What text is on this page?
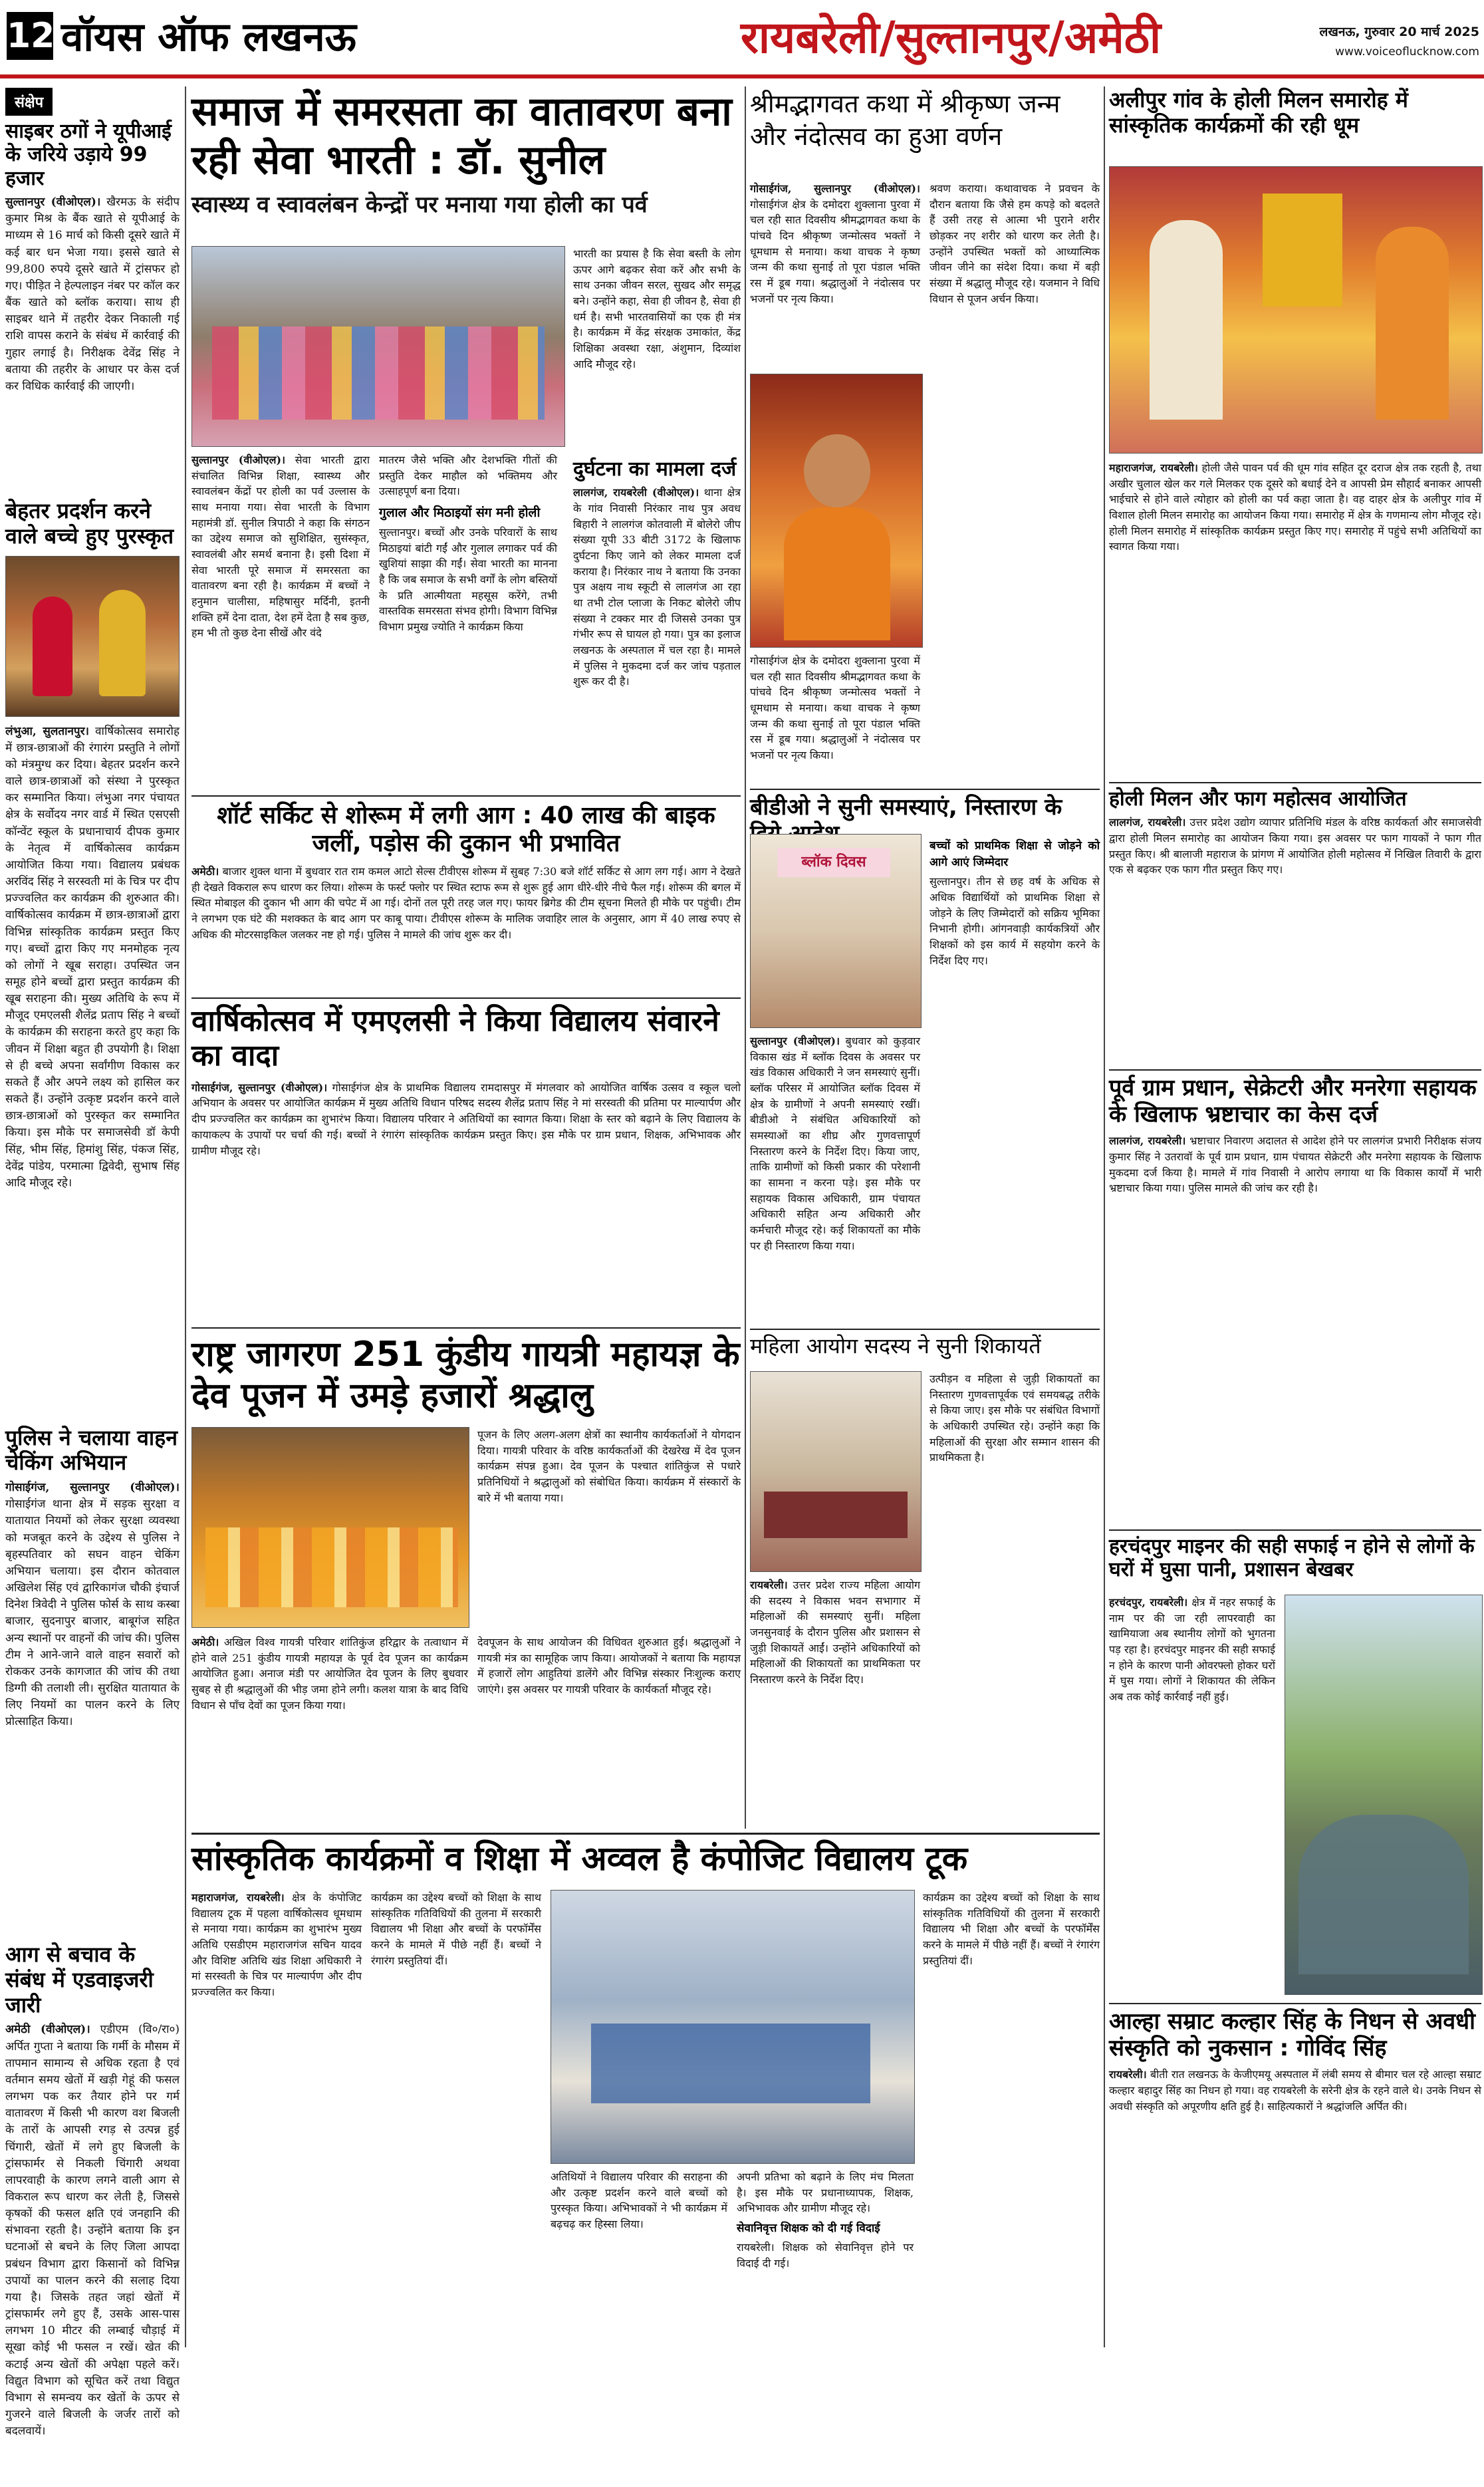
12 वॉयस ऑफ लखनऊ	रायबरेली/सुल्तानपुर/अमेठी	लखनऊ, गुरुवार 20 मार्च 2025
www.voiceoflucknow.com
संक्षेप
साइबर ठगों ने यूपीआई के जरिये उड़ाये 99 हजार
सुल्तानपुर (वीओएल)। खैरमऊ के संदीप कुमार मिश्र के बैंक खाते से यूपीआई के माध्यम से 16 मार्च को किसी दूसरे खाते में कई बार धन भेजा गया। इससे खाते से 99,800 रुपये दूसरे खाते में ट्रांसफर हो गए। पीड़ित ने हेल्पलाइन नंबर पर कॉल कर बैंक खाते को ब्लॉक कराया। साथ ही साइबर थाने में तहरीर देकर निकाली गई राशि वापस कराने के संबंध में कार्रवाई की गुहार लगाई है। निरीक्षक देवेंद्र सिंह ने बताया की तहरीर के आधार पर केस दर्ज कर विधिक कार्रवाई की जाएगी।
बेहतर प्रदर्शन करने वाले बच्चे हुए पुरस्कृत
लंभुआ, सुलतानपुर। वार्षिकोत्सव समारोह में छात्र-छात्राओं की रंगारंग प्रस्तुति ने लोगों को मंत्रमुग्ध कर दिया। बेहतर प्रदर्शन करने वाले छात्र-छात्राओं को संस्था ने पुरस्कृत कर सम्मानित किया। लंभुआ नगर पंचायत क्षेत्र के सर्वोदय नगर वार्ड में स्थित एसएसी कॉन्वेंट स्कूल के प्रधानाचार्य दीपक कुमार के नेतृत्व में वार्षिकोत्सव कार्यक्रम आयोजित किया गया। विद्यालय प्रबंधक अरविंद सिंह ने सरस्वती मां के चित्र पर दीप प्रज्ज्वलित कर कार्यक्रम की शुरुआत की। वार्षिकोत्सव कार्यक्रम में छात्र-छात्राओं द्वारा विभिन्न सांस्कृतिक कार्यक्रम प्रस्तुत किए गए। बच्चों द्वारा किए गए मनमोहक नृत्य को लोगों ने खूब सराहा। उपस्थित जन समूह होने बच्चों द्वारा प्रस्तुत कार्यक्रम की खूब सराहना की। मुख्य अतिथि के रूप में मौजूद एमएलसी शैलेंद्र प्रताप सिंह ने बच्चों के कार्यक्रम की सराहना करते हुए कहा कि जीवन में शिक्षा बहुत ही उपयोगी है। शिक्षा से ही बच्चे अपना सर्वांगीण विकास कर सकते हैं और अपने लक्ष्य को हासिल कर सकते हैं। उन्होंने उत्कृष्ट प्रदर्शन करने वाले छात्र-छात्राओं को पुरस्कृत कर सम्मानित किया। इस मौके पर समाजसेवी डॉ केपी सिंह, भीम सिंह, हिमांशु सिंह, पंकज सिंह, देवेंद्र पांडेय, परमात्मा द्विवेदी, सुभाष सिंह आदि मौजूद रहे।
पुलिस ने चलाया वाहन चेकिंग अभियान
गोसाईगंज, सुल्तानपुर (वीओएल)। गोसाईगंज थाना क्षेत्र में सड़क सुरक्षा व यातायात नियमों को लेकर सुरक्षा व्यवस्था को मजबूत करने के उद्देश्य से पुलिस ने बृहस्पतिवार को सघन वाहन चेकिंग अभियान चलाया। इस दौरान कोतवाल अखिलेश सिंह एवं द्वारिकागंज चौकी इंचार्ज दिनेश त्रिवेदी ने पुलिस फोर्स के साथ कस्बा बाजार, सुदनापुर बाजार, बाबूगंज सहित अन्य स्थानों पर वाहनों की जांच की। पुलिस टीम ने आने-जाने वाले वाहन सवारों को रोककर उनके कागजात की जांच की तथा डिग्गी की तलाशी ली। सुरक्षित यातायात के लिए नियमों का पालन करने के लिए प्रोत्साहित किया।
आग से बचाव के संबंध में एडवाइजरी जारी
अमेठी (वीओएल)। एडीएम (वि०/रा०) अर्पित गुप्ता ने बताया कि गर्मी के मौसम में तापमान सामान्य से अधिक रहता है एवं वर्तमान समय खेतों में खड़ी गेहूं की फसल लगभग पक कर तैयार होने पर गर्म वातावरण में किसी भी कारण वश बिजली के तारों के आपसी रगड़ से उत्पन्न हुई चिंगारी, खेतों में लगे हुए बिजली के ट्रांसफार्मर से निकली चिंगारी अथवा लापरवाही के कारण लगने वाली आग से विकराल रूप धारण कर लेती है, जिससे कृषकों की फसल क्षति एवं जनहानि की संभावना रहती है। उन्होंने बताया कि इन घटनाओं से बचने के लिए जिला आपदा प्रबंधन विभाग द्वारा किसानों को विभिन्न उपायों का पालन करने की सलाह दिया गया है। जिसके तहत जहां खेतों में ट्रांसफार्मर लगे हुए हैं, उसके आस-पास लगभग 10 मीटर की लम्बाई चौड़ाई में सूखा कोई भी फसल न रखें। खेत की कटाई अन्य खेतों की अपेक्षा पहले करें। विद्युत विभाग को सूचित करें तथा विद्युत विभाग से समन्वय कर खेतों के ऊपर से गुजरने वाले बिजली के जर्जर तारों को बदलवायें।
समाज में समरसता का वातावरण बना रही सेवा भारती : डॉ. सुनील
स्वास्थ्य व स्वावलंबन केन्द्रों पर मनाया गया होली का पर्व
भारती का प्रयास है कि सेवा बस्ती के लोग ऊपर आगे बढ़कर सेवा करें और सभी के साथ उनका जीवन सरल, सुखद और समृद्ध बने। उन्होंने कहा, सेवा ही जीवन है, सेवा ही धर्म है। सभी भारतवासियों का एक ही मंत्र है। कार्यक्रम में केंद्र संरक्षक उमाकांत, केंद्र शिक्षिका अवस्था रक्षा, अंशुमान, दिव्यांश आदि मौजूद रहे।
सुल्तानपुर (वीओएल)। सेवा भारती द्वारा संचालित विभिन्न शिक्षा, स्वास्थ्य और स्वावलंबन केंद्रों पर होली का पर्व उल्लास के साथ मनाया गया। सेवा भारती के विभाग महामंत्री डॉ. सुनील त्रिपाठी ने कहा कि संगठन का उद्देश्य समाज को सुशिक्षित, सुसंस्कृत, स्वावलंबी और समर्थ बनाना है। इसी दिशा में सेवा भारती पूरे समाज में समरसता का वातावरण बना रही है। कार्यक्रम में बच्चों ने हनुमान चालीसा, महिषासुर मर्दिनी, इतनी शक्ति हमें देना दाता, देश हमें देता है सब कुछ, हम भी तो कुछ देना सीखें और वंदे
मातरम जैसे भक्ति और देशभक्ति गीतों की प्रस्तुति देकर माहौल को भक्तिमय और उत्साहपूर्ण बना दिया।
गुलाल और मिठाइयों संग मनी होली
सुल्तानपुर। बच्चों और उनके परिवारों के साथ मिठाइयां बांटी गईं और गुलाल लगाकर पर्व की खुशियां साझा की गईं। सेवा भारती का मानना है कि जब समाज के सभी वर्गों के लोग बस्तियों के प्रति आत्मीयता महसूस करेंगे, तभी वास्तविक समरसता संभव होगी। विभाग विभिन्न विभाग प्रमुख ज्योति ने कार्यक्रम किया
दुर्घटना का मामला दर्ज
लालगंज, रायबरेली (वीओएल)। थाना क्षेत्र के गांव निवासी निरंकार नाथ पुत्र अवध बिहारी ने लालगंज कोतवाली में बोलेरो जीप संख्या यूपी 33 बीटी 3172 के खिलाफ दुर्घटना किए जाने को लेकर मामला दर्ज कराया है। निरंकार नाथ ने बताया कि उनका पुत्र अक्षय नाथ स्कूटी से लालगंज आ रहा था तभी टोल प्लाजा के निकट बोलेरो जीप संख्या ने टक्कर मार दी जिससे उनका पुत्र गंभीर रूप से घायल हो गया। पुत्र का इलाज लखनऊ के अस्पताल में चल रहा है। मामले में पुलिस ने मुकदमा दर्ज कर जांच पड़ताल शुरू कर दी है।
शॉर्ट सर्किट से शोरूम में लगी आग : 40 लाख की बाइक जलीं, पड़ोस की दुकान भी प्रभावित
अमेठी। बाजार शुक्ल थाना में बुधवार रात राम कमल आटो सेल्स टीवीएस शोरूम में सुबह 7:30 बजे शॉर्ट सर्किट से आग लग गई। आग ने देखते ही देखते विकराल रूप धारण कर लिया। शोरूम के फर्स्ट फ्लोर पर स्थित स्टाफ रूम से शुरू हुई आग धीरे-धीरे नीचे फैल गई। शोरूम की बगल में स्थित मोबाइल की दुकान भी आग की चपेट में आ गई। दोनों तल पूरी तरह जल गए। फायर ब्रिगेड की टीम सूचना मिलते ही मौके पर पहुंची। टीम ने लगभग एक घंटे की मशक्कत के बाद आग पर काबू पाया। टीवीएस शोरूम के मालिक जवाहिर लाल के अनुसार, आग में 40 लाख रुपए से अधिक की मोटरसाइकिल जलकर नष्ट हो गई। पुलिस ने मामले की जांच शुरू कर दी।
वार्षिकोत्सव में एमएलसी ने किया विद्यालय संवारने का वादा
गोसाईगंज, सुल्तानपुर (वीओएल)। गोसाईगंज क्षेत्र के प्राथमिक विद्यालय रामदासपुर में मंगलवार को आयोजित वार्षिक उत्सव व स्कूल चलो अभियान के अवसर पर आयोजित कार्यक्रम में मुख्य अतिथि विधान परिषद सदस्य शैलेंद्र प्रताप सिंह ने मां सरस्वती की प्रतिमा पर माल्यार्पण और दीप प्रज्ज्वलित कर कार्यक्रम का शुभारंभ किया। विद्यालय परिवार ने अतिथियों का स्वागत किया। शिक्षा के स्तर को बढ़ाने के लिए विद्यालय के कायाकल्प के उपायों पर चर्चा की गई। बच्चों ने रंगारंग सांस्कृतिक कार्यक्रम प्रस्तुत किए। इस मौके पर ग्राम प्रधान, शिक्षक, अभिभावक और ग्रामीण मौजूद रहे।
राष्ट्र जागरण 251 कुंडीय गायत्री महायज्ञ के देव पूजन में उमड़े हजारों श्रद्धालु
पूजन के लिए अलग-अलग क्षेत्रों का स्थानीय कार्यकर्ताओं ने योगदान दिया। गायत्री परिवार के वरिष्ठ कार्यकर्ताओं की देखरेख में देव पूजन कार्यक्रम संपन्न हुआ। देव पूजन के पश्चात शांतिकुंज से पधारे प्रतिनिधियों ने श्रद्धालुओं को संबोधित किया। कार्यक्रम में संस्कारों के बारे में भी बताया गया।
अमेठी। अखिल विश्व गायत्री परिवार शांतिकुंज हरिद्वार के तत्वाधान में होने वाले 251 कुंडीय गायत्री महायज्ञ के पूर्व देव पूजन का कार्यक्रम आयोजित हुआ। अनाज मंडी पर आयोजित देव पूजन के लिए बुधवार सुबह से ही श्रद्धालुओं की भीड़ जमा होने लगी। कलश यात्रा के बाद विधि विधान से पाँच देवों का पूजन किया गया।
देवपूजन के साथ आयोजन की विधिवत शुरुआत हुई। श्रद्धालुओं ने गायत्री मंत्र का सामूहिक जाप किया। आयोजकों ने बताया कि महायज्ञ में हजारों लोग आहुतियां डालेंगे और विभिन्न संस्कार निःशुल्क कराए जाएंगे। इस अवसर पर गायत्री परिवार के कार्यकर्ता मौजूद रहे।
श्रीमद्भागवत कथा में श्रीकृष्ण जन्म और नंदोत्सव का हुआ वर्णन
गोसाईगंज, सुल्तानपुर (वीओएल)। गोसाईगंज क्षेत्र के दमोदरा शुक्लाना पुरवा में चल रही सात दिवसीय श्रीमद्भागवत कथा के पांचवे दिन श्रीकृष्ण जन्मोत्सव भक्तों ने धूमधाम से मनाया। कथा वाचक ने कृष्ण जन्म की कथा सुनाई तो पूरा पंडाल भक्ति रस में डूब गया। श्रद्धालुओं ने नंदोत्सव पर भजनों पर नृत्य किया।
श्रवण कराया। कथावाचक ने प्रवचन के दौरान बताया कि जैसे हम कपड़े को बदलते हैं उसी तरह से आत्मा भी पुराने शरीर छोड़कर नए शरीर को धारण कर लेती है। उन्होंने उपस्थित भक्तों को आध्यात्मिक जीवन जीने का संदेश दिया। कथा में बड़ी संख्या में श्रद्धालु मौजूद रहे। यजमान ने विधि विधान से पूजन अर्चन किया।
गोसाईगंज क्षेत्र के दमोदरा शुक्लाना पुरवा में चल रही सात दिवसीय श्रीमद्भागवत कथा के पांचवे दिन श्रीकृष्ण जन्मोत्सव भक्तों ने धूमधाम से मनाया। कथा वाचक ने कृष्ण जन्म की कथा सुनाई तो पूरा पंडाल भक्ति रस में डूब गया। श्रद्धालुओं ने नंदोत्सव पर भजनों पर नृत्य किया।
बीडीओ ने सुनी समस्याएं, निस्तारण के
ब्लॉक दिवस
बच्चों को प्राथमिक शिक्षा से जोड़ने को आगे आएं जिम्मेदार
सुल्तानपुर। तीन से छह वर्ष के अधिक से अधिक विद्यार्थियों को प्राथमिक शिक्षा से जोड़ने के लिए जिम्मेदारों को सक्रिय भूमिका निभानी होगी। आंगनवाड़ी कार्यकत्रियों और शिक्षकों को इस कार्य में सहयोग करने के निर्देश दिए गए।
सुल्तानपुर (वीओएल)। बुधवार को कुड़वार विकास खंड में ब्लॉक दिवस के अवसर पर खंड विकास अधिकारी ने जन समस्याएं सुनीं। ब्लॉक परिसर में आयोजित ब्लॉक दिवस में क्षेत्र के ग्रामीणों ने अपनी समस्याएं रखीं। बीडीओ ने संबंधित अधिकारियों को समस्याओं का शीघ्र और गुणवत्तापूर्ण निस्तारण करने के निर्देश दिए। किया जाए, ताकि ग्रामीणों को किसी प्रकार की परेशानी का सामना न करना पड़े। इस मौके पर सहायक विकास अधिकारी, ग्राम पंचायत अधिकारी सहित अन्य अधिकारी और कर्मचारी मौजूद रहे। कई शिकायतों का मौके पर ही निस्तारण किया गया।
महिला आयोग सदस्य ने सुनी शिकायतें
उत्पीड़न व महिला से जुड़ी शिकायतों का निस्तारण गुणवत्तापूर्वक एवं समयबद्ध तरीके से किया जाए। इस मौके पर संबंधित विभागों के अधिकारी उपस्थित रहे। उन्होंने कहा कि महिलाओं की सुरक्षा और सम्मान शासन की प्राथमिकता है।
रायबरेली। उत्तर प्रदेश राज्य महिला आयोग की सदस्य ने विकास भवन सभागार में महिलाओं की समस्याएं सुनीं। महिला जनसुनवाई के दौरान पुलिस और प्रशासन से जुड़ी शिकायतें आईं। उन्होंने अधिकारियों को महिलाओं की शिकायतों का प्राथमिकता पर निस्तारण करने के निर्देश दिए।
सांस्कृतिक कार्यक्रमों व शिक्षा में अव्वल है कंपोजिट विद्यालय टूक
महाराजगंज, रायबरेली। क्षेत्र के कंपोजिट विद्यालय टूक में पहला वार्षिकोत्सव धूमधाम से मनाया गया। कार्यक्रम का शुभारंभ मुख्य अतिथि एसडीएम महाराजगंज सचिन यादव और विशिष्ट अतिथि खंड शिक्षा अधिकारी ने मां सरस्वती के चित्र पर माल्यार्पण और दीप प्रज्ज्वलित कर किया।
कार्यक्रम का उद्देश्य बच्चों को शिक्षा के साथ सांस्कृतिक गतिविधियों की तुलना में सरकारी विद्यालय भी शिक्षा और बच्चों के परफॉर्मेंस करने के मामले में पीछे नहीं हैं। बच्चों ने रंगारंग प्रस्तुतियां दीं।
अतिथियों ने विद्यालय परिवार की सराहना की और उत्कृष्ट प्रदर्शन करने वाले बच्चों को पुरस्कृत किया। अभिभावकों ने भी कार्यक्रम में बढ़चढ़ कर हिस्सा लिया।
अपनी प्रतिभा को बढ़ाने के लिए मंच मिलता है। इस मौके पर प्रधानाध्यापक, शिक्षक, अभिभावक और ग्रामीण मौजूद रहे।
सेवानिवृत्त शिक्षक को दी गई विदाई
रायबरेली। शिक्षक को सेवानिवृत्त होने पर विदाई दी गई।
कार्यक्रम का उद्देश्य बच्चों को शिक्षा के साथ सांस्कृतिक गतिविधियों की तुलना में सरकारी विद्यालय भी शिक्षा और बच्चों के परफॉर्मेंस करने के मामले में पीछे नहीं हैं। बच्चों ने रंगारंग प्रस्तुतियां दीं।
अलीपुर गांव के होली मिलन समारोह में सांस्कृतिक कार्यक्रमों की रही धूम
महाराजगंज, रायबरेली। होली जैसे पावन पर्व की धूम गांव सहित दूर दराज क्षेत्र तक रहती है, तथा अखीर चुलाल खेल कर गले मिलकर एक दूसरे को बधाई देने व आपसी प्रेम सौहार्द बनाकर आपसी भाईचारे से होने वाले त्योहार को होली का पर्व कहा जाता है। वह दाहर क्षेत्र के अलीपुर गांव में विशाल होली मिलन समारोह का आयोजन किया गया। समारोह में क्षेत्र के गणमान्य लोग मौजूद रहे। होली मिलन समारोह में सांस्कृतिक कार्यक्रम प्रस्तुत किए गए। समारोह में पहुंचे सभी अतिथियों का स्वागत किया गया।
होली मिलन और फाग महोत्सव आयोजित
लालगंज, रायबरेली। उत्तर प्रदेश उद्योग व्यापार प्रतिनिधि मंडल के वरिष्ठ कार्यकर्ता और समाजसेवी द्वारा होली मिलन समारोह का आयोजन किया गया। इस अवसर पर फाग गायकों ने फाग गीत प्रस्तुत किए। श्री बालाजी महाराज के प्रांगण में आयोजित होली महोत्सव में निखिल तिवारी के द्वारा एक से बढ़कर एक फाग गीत प्रस्तुत किए गए।
पूर्व ग्राम प्रधान, सेक्रेटरी और मनरेगा सहायक के खिलाफ भ्रष्टाचार का केस दर्ज
लालगंज, रायबरेली। भ्रष्टाचार निवारण अदालत से आदेश होने पर लालगंज प्रभारी निरीक्षक संजय कुमार सिंह ने उतरावॉ के पूर्व ग्राम प्रधान, ग्राम पंचायत सेक्रेटरी और मनरेगा सहायक के खिलाफ मुकदमा दर्ज किया है। मामले में गांव निवासी ने आरोप लगाया था कि विकास कार्यों में भारी भ्रष्टाचार किया गया। पुलिस मामले की जांच कर रही है।
हरचंदपुर माइनर की सही सफाई न होने से लोगों के घरों में घुसा पानी, प्रशासन बेखबर
हरचंदपुर, रायबरेली। क्षेत्र में नहर सफाई के नाम पर की जा रही लापरवाही का खामियाजा अब स्थानीय लोगों को भुगतना पड़ रहा है। हरचंदपुर माइनर की सही सफाई न होने के कारण पानी ओवरफ्लो होकर घरों में घुस गया। लोगों ने शिकायत की लेकिन अब तक कोई कार्रवाई नहीं हुई।
आल्हा सम्राट कल्हार सिंह के निधन से अवधी संस्कृति को नुकसान : गोविंद सिंह
रायबरेली। बीती रात लखनऊ के केजीएमयू अस्पताल में लंबी समय से बीमार चल रहे आल्हा सम्राट कल्हार बहादुर सिंह का निधन हो गया। वह रायबरेली के सरेनी क्षेत्र के रहने वाले थे। उनके निधन से अवधी संस्कृति को अपूरणीय क्षति हुई है। साहित्यकारों ने श्रद्धांजलि अर्पित की।
